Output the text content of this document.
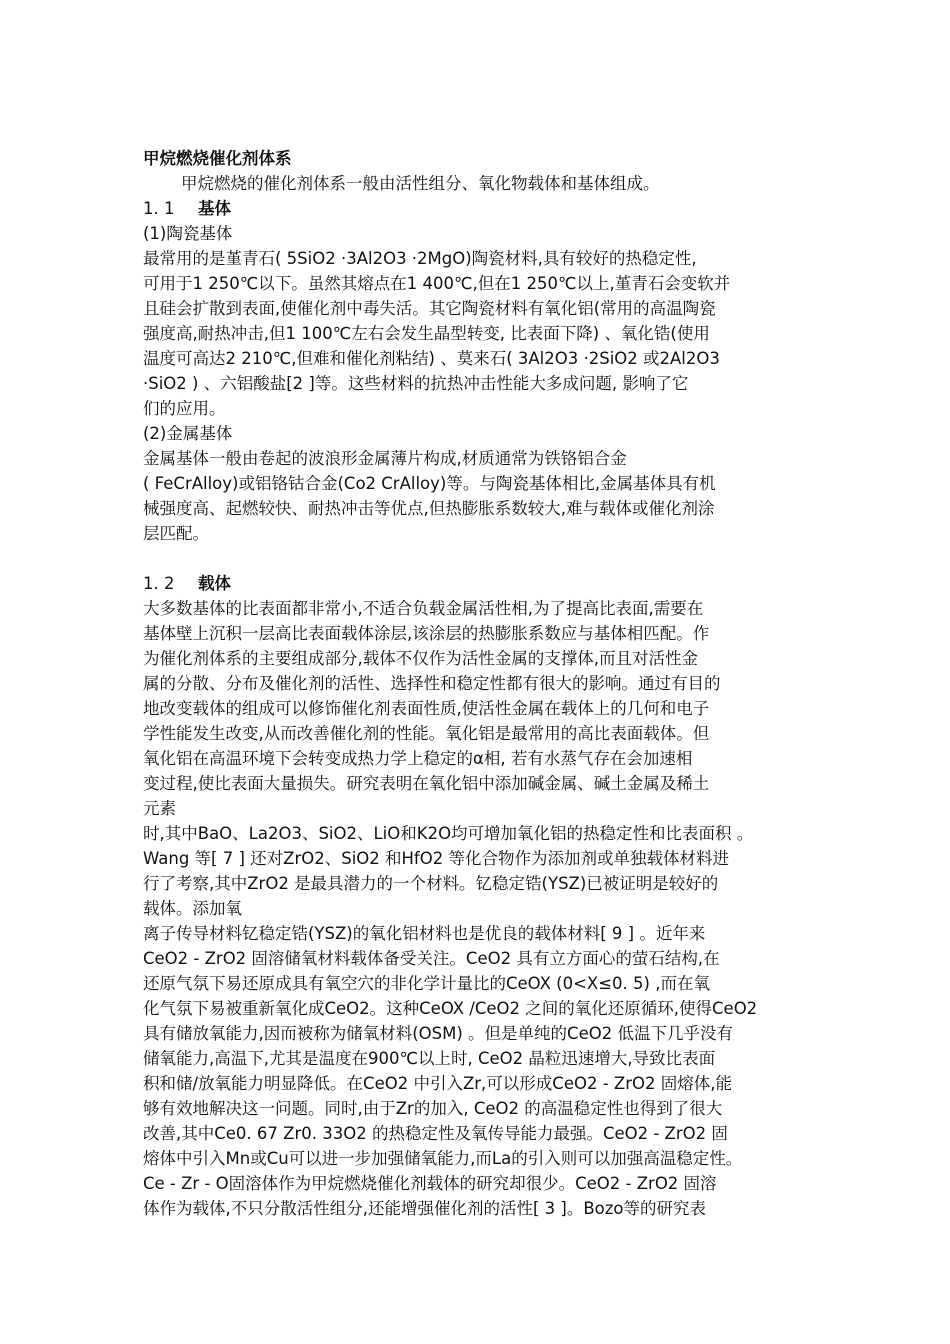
甲烷燃烧催化剂体系
甲烷燃烧的催化剂体系一般由活性组分、氧化物载体和基体组成。
1. 1 基体
(1)陶瓷基体
最常用的是堇青石( 5SiO2 ·3Al2O3 ·2MgO)陶瓷材料,具有较好的热稳定性,
可用于1 250℃以下。虽然其熔点在1 400℃,但在1 250℃以上,堇青石会变软并
且硅会扩散到表面,使催化剂中毒失活。其它陶瓷材料有氧化铝(常用的高温陶瓷
强度高,耐热冲击,但1 100℃左右会发生晶型转变, 比表面下降) 、氧化锆(使用
温度可高达2 210℃,但难和催化剂粘结) 、莫来石( 3Al2O3 ·2SiO2 或2Al2O3
·SiO2 ) 、六铝酸盐[2 ]等。这些材料的抗热冲击性能大多成问题, 影响了它
们的应用。
(2)金属基体
金属基体一般由卷起的波浪形金属薄片构成,材质通常为铁铬铝合金
( FeCrAlloy)或铝铬钴合金(Co2 CrAlloy)等。与陶瓷基体相比,金属基体具有机
械强度高、起燃较快、耐热冲击等优点,但热膨胀系数较大,难与载体或催化剂涂
层匹配。
1. 2 载体
大多数基体的比表面都非常小,不适合负载金属活性相,为了提高比表面,需要在
基体壁上沉积一层高比表面载体涂层,该涂层的热膨胀系数应与基体相匹配。作
为催化剂体系的主要组成部分,载体不仅作为活性金属的支撑体,而且对活性金
属的分散、分布及催化剂的活性、选择性和稳定性都有很大的影响。通过有目的
地改变载体的组成可以修饰催化剂表面性质,使活性金属在载体上的几何和电子
学性能发生改变,从而改善催化剂的性能。氧化铝是最常用的高比表面载体。但
氧化铝在高温环境下会转变成热力学上稳定的α相, 若有水蒸气存在会加速相
变过程,使比表面大量损失。研究表明在氧化铝中添加碱金属、碱土金属及稀土
元素
时,其中BaO、La2O3、SiO2、LiO和K2O均可增加氧化铝的热稳定性和比表面积 。
Wang 等[ 7 ] 还对ZrO2、SiO2 和HfO2 等化合物作为添加剂或单独载体材料进
行了考察,其中ZrO2 是最具潜力的一个材料。钇稳定锆(YSZ)已被证明是较好的
载体。添加氧
离子传导材料钇稳定锆(YSZ)的氧化铝材料也是优良的载体材料[ 9 ] 。近年来
CeO2 - ZrO2 固溶储氧材料载体备受关注。CeO2 具有立方面心的萤石结构,在
还原气氛下易还原成具有氧空穴的非化学计量比的CeOX (0<X≤0. 5) ,而在氧
化气氛下易被重新氧化成CeO2。这种CeOX /CeO2 之间的氧化还原循环,使得CeO2
具有储放氧能力,因而被称为储氧材料(OSM) 。但是单纯的CeO2 低温下几乎没有
储氧能力,高温下,尤其是温度在900℃以上时, CeO2 晶粒迅速增大,导致比表面
积和储/放氧能力明显降低。在CeO2 中引入Zr,可以形成CeO2 - ZrO2 固熔体,能
够有效地解决这一问题。同时,由于Zr的加入, CeO2 的高温稳定性也得到了很大
改善,其中Ce0. 67 Zr0. 33O2 的热稳定性及氧传导能力最强。CeO2 - ZrO2 固
熔体中引入Mn或Cu可以进一步加强储氧能力,而La的引入则可以加强高温稳定性。
Ce - Zr - O固溶体作为甲烷燃烧催化剂载体的研究却很少。CeO2 - ZrO2 固溶
体作为载体,不只分散活性组分,还能增强催化剂的活性[ 3 ]。Bozo等的研究表
